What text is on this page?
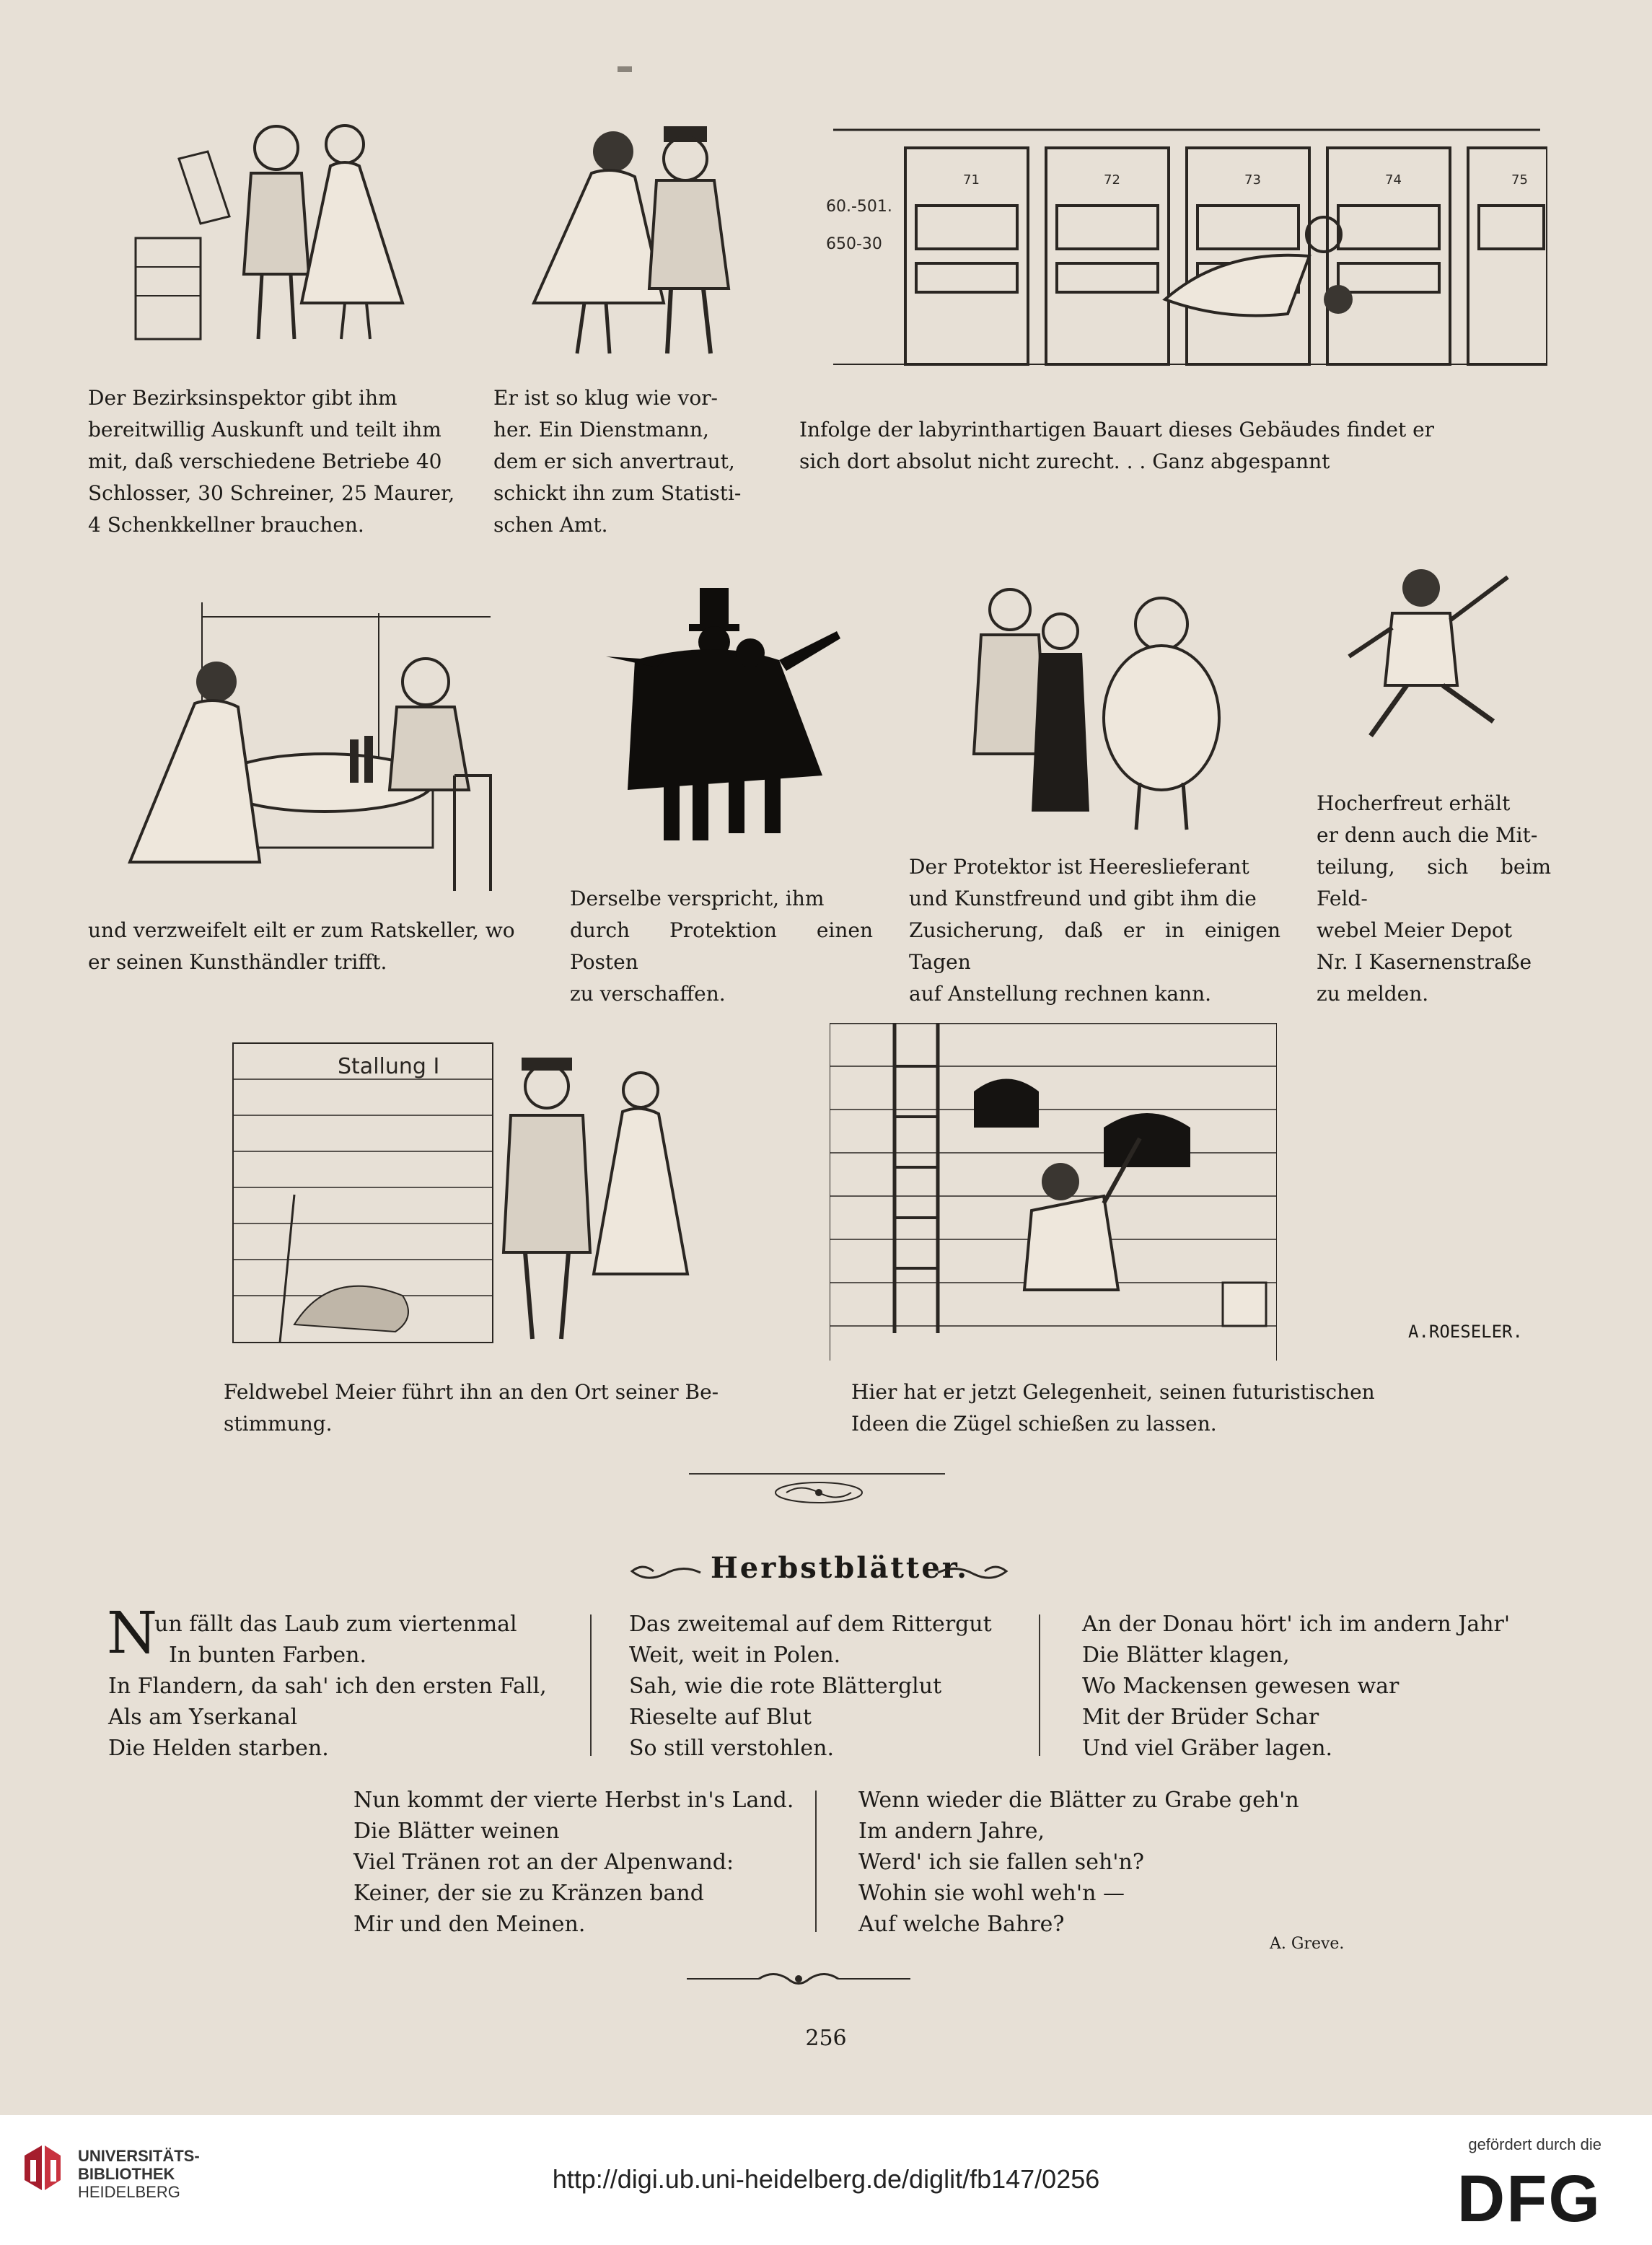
71	72	73	74	75
60.-501.
650-30
Der Bezirksinspektor gibt ihm
bereitwillig Auskunft und teilt ihm
mit, daß verschiedene Betriebe 40
Schlosser, 30 Schreiner, 25 Maurer,
4 Schenkkellner brauchen.
Er ist so klug wie vor-
her. Ein Dienstmann,
dem er sich anvertraut,
schickt ihn zum Statisti-
schen Amt.
Infolge der labyrinthartigen Bauart dieses Gebäudes findet er
sich dort absolut nicht zurecht. . . Ganz abgespannt
und verzweifelt eilt er zum Ratskeller, wo
er seinen Kunsthändler trifft.
Derselbe verspricht, ihm
durch Protektion einen Posten
zu verschaffen.
Der Protektor ist Heereslieferant
und Kunstfreund und gibt ihm die
Zusicherung, daß er in einigen Tagen
auf Anstellung rechnen kann.
Hocherfreut erhält
er denn auch die Mit-
teilung, sich beim Feld-
webel Meier Depot
Nr. I Kasernenstraße
zu melden.
Stallung I
A.ROESELER.
Feldwebel Meier führt ihn an den Ort seiner Be-
stimmung.
Hier hat er jetzt Gelegenheit, seinen futuristischen
Ideen die Zügel schießen zu lassen.
Herbstblätter.
N
un fällt das Laub zum viertenmal
In bunten Farben.
In Flandern, da sah' ich den ersten Fall,
Als am Yserkanal
Die Helden starben.
Das zweitemal auf dem Rittergut
Weit, weit in Polen.
Sah, wie die rote Blätterglut
Rieselte auf Blut
So still verstohlen.
An der Donau hört' ich im andern Jahr'
Die Blätter klagen,
Wo Mackensen gewesen war
Mit der Brüder Schar
Und viel Gräber lagen.
Nun kommt der vierte Herbst in's Land.
Die Blätter weinen
Viel Tränen rot an der Alpenwand:
Keiner, der sie zu Kränzen band
Mir und den Meinen.
Wenn wieder die Blätter zu Grabe geh'n
Im andern Jahre,
Werd' ich sie fallen seh'n?
Wohin sie wohl weh'n —
Auf welche Bahre?
A. Greve.
256
UNIVERSITÄTS-
BIBLIOTHEK
HEIDELBERG	http://digi.ub.uni-heidelberg.de/diglit/fb147/0256
gefördert durch die
DFG
